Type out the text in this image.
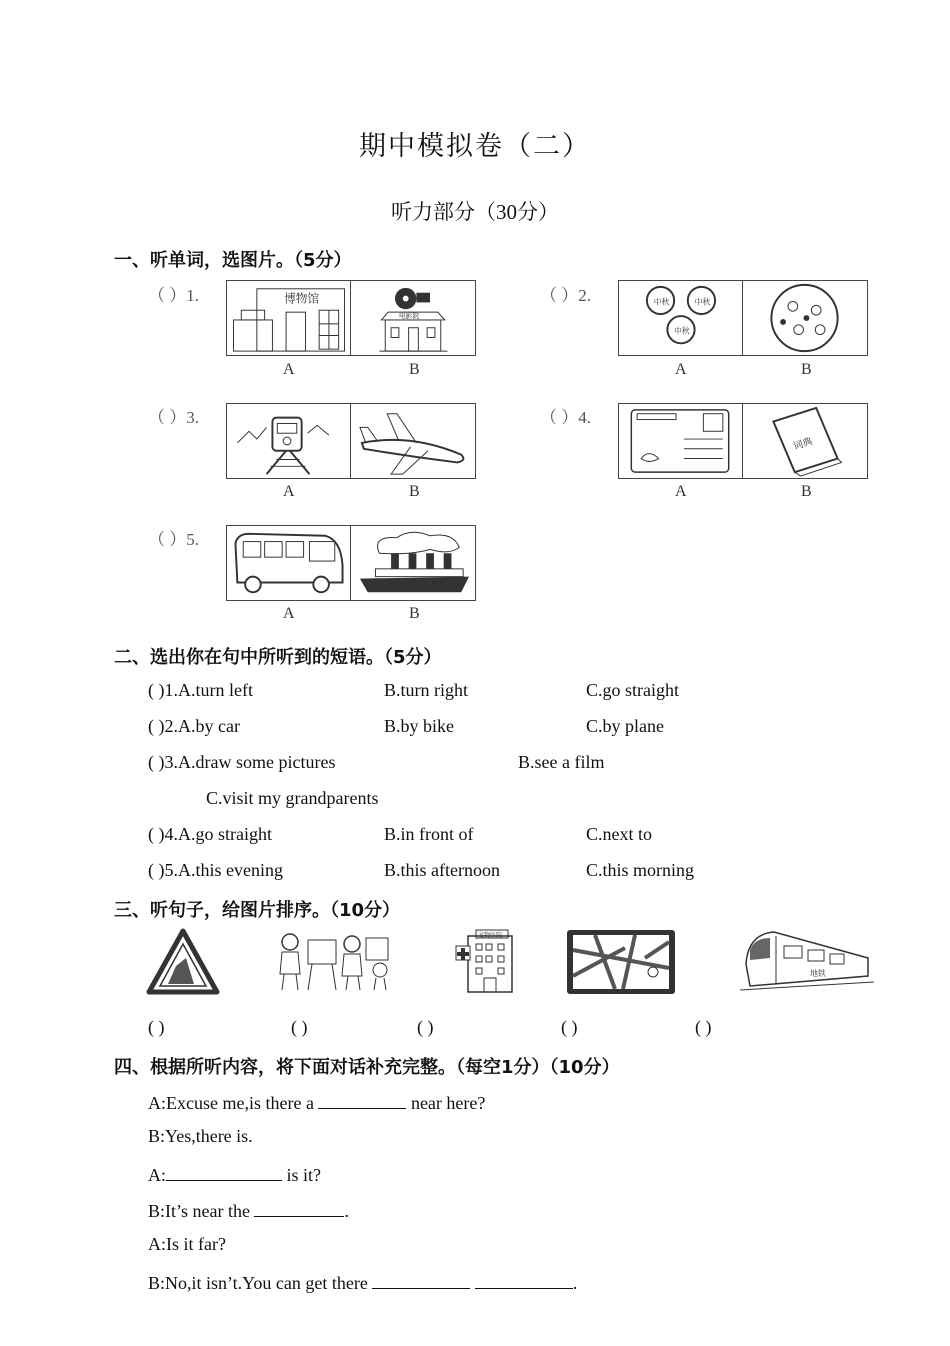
期中模拟卷（二）
听力部分（30分）
一、听单词，选图片。（5分）
（ ）1.	博物馆
电影院
A	B
（ ）2.	中秋	中秋
中秋
A	B
（ ）3.
A	B
（ ）4.
词典
A	B
（ ）5.
A	B
二、选出你在句中所听到的短语。（5分）
( )1.A.turn left	B.turn right	C.go straight
( )2.A.by car	B.by bike	C.by plane
( )3.A.draw some pictures	B.see a film
C.visit my grandparents
( )4.A.go straight	B.in front of	C.next to
( )5.A.this evening	B.this afternoon	C.this morning
三、听句子，给图片排序。（10分）
宠物医院
地铁
( )	( )	( )	( )	( )
四、根据所听内容，将下面对话补充完整。（每空1分）（10分）
A:Excuse me,is there a	near here?
B:Yes,there is.
A:	is it?
B:It’s near the	.
A:Is it far?
B:No,it isn’t.You can get there	.
